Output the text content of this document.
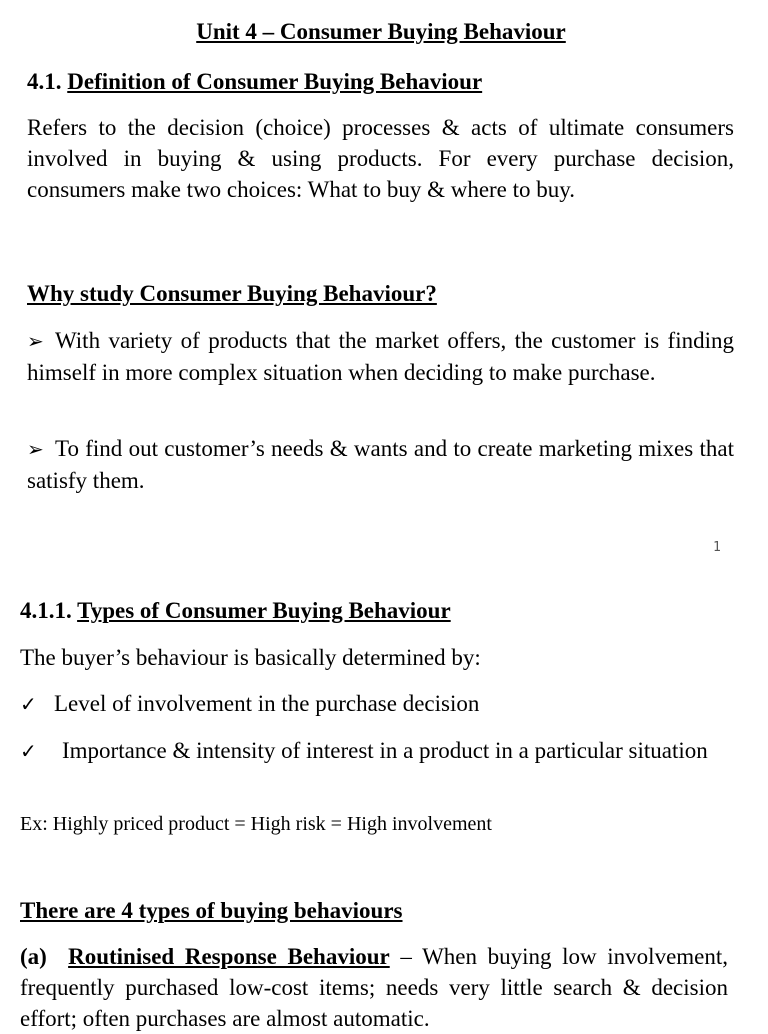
Unit 4 – Consumer Buying Behaviour

4.1. Definition of Consumer Buying Behaviour

Refers to the decision (choice) processes & acts of ultimate consumers involved in buying & using products. For every purchase decision, consumers make two choices: What to buy & where to buy.

Why study Consumer Buying Behaviour?

➢ With variety of products that the market offers, the customer is finding himself in more complex situation when deciding to make purchase.

➢ To find out customer’s needs & wants and to create marketing mixes that satisfy them.

1

4.1.1. Types of Consumer Buying Behaviour

The buyer’s behaviour is basically determined by:

✓ Level of involvement in the purchase decision

✓ Importance & intensity of interest in a product in a particular situation

Ex: Highly priced product = High risk = High involvement

There are 4 types of buying behaviours

(a) Routinised Response Behaviour – When buying low involvement, frequently purchased low-cost items; needs very little search & decision effort; often purchases are almost automatic.
